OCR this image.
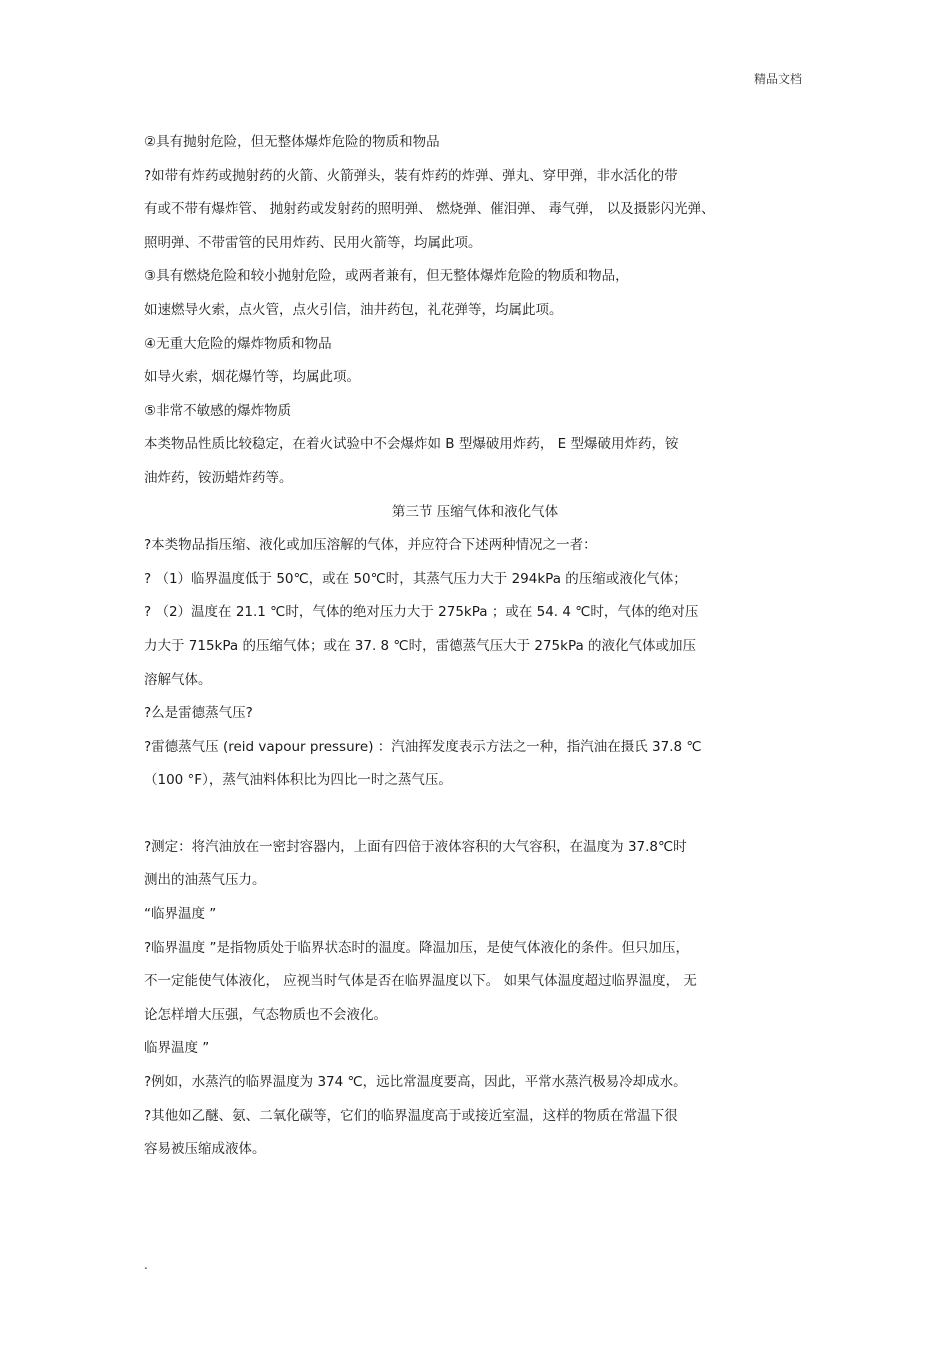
精品文档
②具有抛射危险，但无整体爆炸危险的物质和物品
?如带有炸药或抛射药的火箭、火箭弹头，装有炸药的炸弹、弹丸、穿甲弹，非水活化的带
有或不带有爆炸管、 抛射药或发射药的照明弹、 燃烧弹、催泪弹、 毒气弹， 以及摄影闪光弹、
照明弹、不带雷管的民用炸药、民用火箭等，均属此项。
③具有燃烧危险和较小抛射危险，或两者兼有，但无整体爆炸危险的物质和物品，
如速燃导火索，点火管，点火引信，油井药包，礼花弹等，均属此项。
④无重大危险的爆炸物质和物品
如导火索，烟花爆竹等，均属此项。
⑤非常不敏感的爆炸物质
本类物品性质比较稳定，在着火试验中不会爆炸如 B 型爆破用炸药， E 型爆破用炸药，铵
油炸药，铵沥蜡炸药等。
第三节 压缩气体和液化气体
?本类物品指压缩、液化或加压溶解的气体，并应符合下述两种情况之一者：
? （1）临界温度低于 50℃，或在 50℃时，其蒸气压力大于 294kPa 的压缩或液化气体；
? （2）温度在 21.1 ℃时，气体的绝对压力大于 275kPa ；或在 54. 4 ℃时，气体的绝对压
力大于 715kPa 的压缩气体；或在 37. 8 ℃时，雷德蒸气压大于 275kPa 的液化气体或加压
溶解气体。
?么是雷德蒸气压?
?雷德蒸气压 (reid vapour pressure) ：汽油挥发度表示方法之一种，指汽油在摄氏 37.8 ℃
（100 °F），蒸气油料体积比为四比一时之蒸气压。
?测定：将汽油放在一密封容器内，上面有四倍于液体容积的大气容积，在温度为 37.8℃时
测出的油蒸气压力。
“临界温度 ”
?临界温度 ”是指物质处于临界状态时的温度。降温加压，是使气体液化的条件。但只加压，
不一定能使气体液化， 应视当时气体是否在临界温度以下。 如果气体温度超过临界温度， 无
论怎样增大压强，气态物质也不会液化。
临界温度 ”
?例如，水蒸汽的临界温度为 374 ℃，远比常温度要高，因此，平常水蒸汽极易冷却成水。
?其他如乙醚、氨、二氧化碳等，它们的临界温度高于或接近室温，这样的物质在常温下很
容易被压缩成液体。
.
